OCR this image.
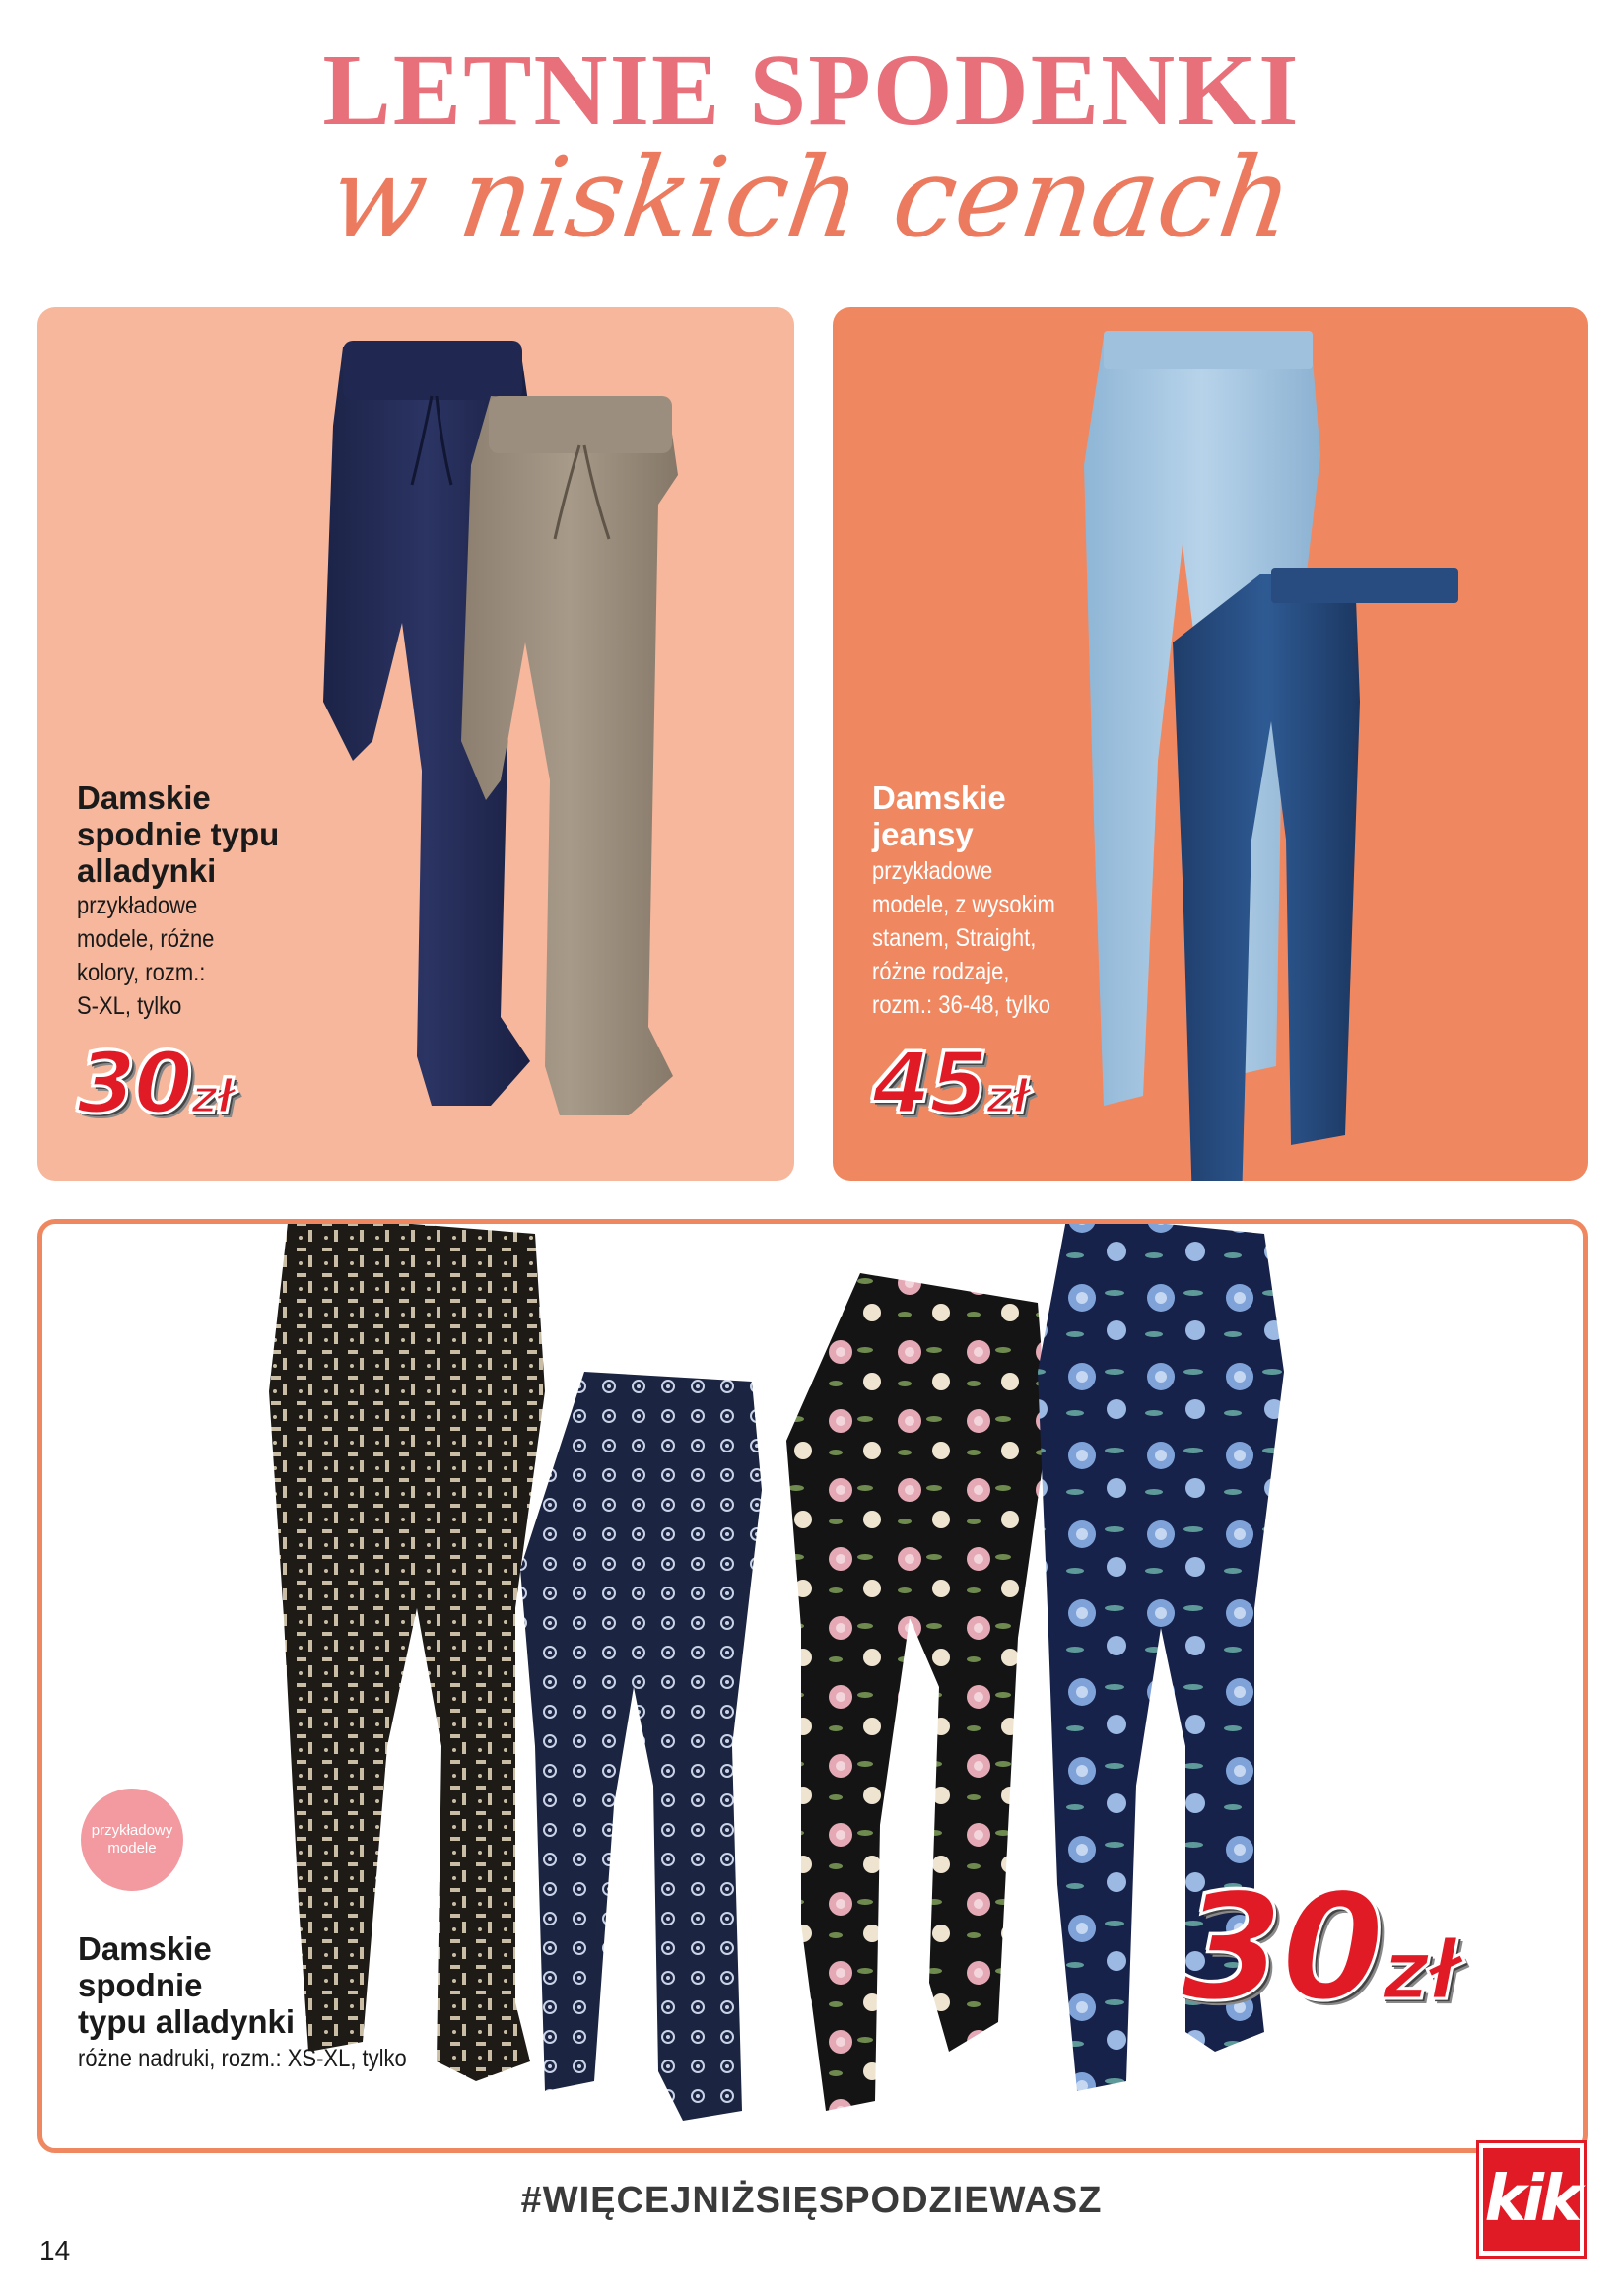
LETNIE SPODENKI
w niskich cenach
Damskie
spodnie typu
alladynki
przykładowe
modele, różne
kolory, rozm.:
S-XL, tylko
30zł
Damskie
jeansy
przykładowe
modele, z wysokim
stanem, Straight,
różne rodzaje,
rozm.: 36-48, tylko
45zł
Damskie
spodnie
typu alladynki
różne nadruki, rozm.: XS-XL, tylko
30zł
przykładowy
modele
#WIĘCEJNIŻSIĘSPODZIEWASZ
14
kik
